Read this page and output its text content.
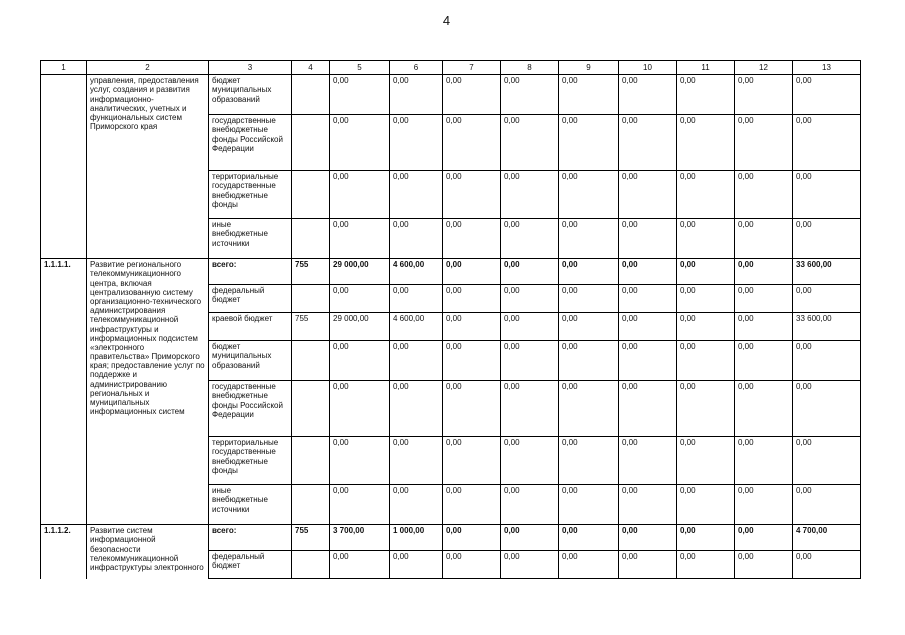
4
1	2	3	4	5	6	7	8	9	10	11	12	13
	управления, предоставления услуг, создания и развития информационно-аналитических, учетных и функциональных систем Приморского края	бюджет муниципальных образований		0,00	0,00	0,00	0,00	0,00	0,00	0,00	0,00	0,00
		государственные внебюджетные фонды Российской Федерации		0,00	0,00	0,00	0,00	0,00	0,00	0,00	0,00	0,00
		территориальные государственные внебюджетные фонды		0,00	0,00	0,00	0,00	0,00	0,00	0,00	0,00	0,00
		иные внебюджетные источники		0,00	0,00	0,00	0,00	0,00	0,00	0,00	0,00	0,00
1.1.1.1.	Развитие регионального телекоммуникационного центра, включая централизованную систему организационно-технического администрирования телекоммуникационной инфраструктуры и информационных подсистем «электронного правительства» Приморского края; предоставление услуг по поддержке и администрированию региональных и муниципальных информационных систем	всего:	755	29 000,00	4 600,00	0,00	0,00	0,00	0,00	0,00	0,00	33 600,00
		федеральный бюджет		0,00	0,00	0,00	0,00	0,00	0,00	0,00	0,00	0,00
		краевой бюджет	755	29 000,00	4 600,00	0,00	0,00	0,00	0,00	0,00	0,00	33 600,00
		бюджет муниципальных образований		0,00	0,00	0,00	0,00	0,00	0,00	0,00	0,00	0,00
		государственные внебюджетные фонды Российской Федерации		0,00	0,00	0,00	0,00	0,00	0,00	0,00	0,00	0,00
		территориальные государственные внебюджетные фонды		0,00	0,00	0,00	0,00	0,00	0,00	0,00	0,00	0,00
		иные внебюджетные источники		0,00	0,00	0,00	0,00	0,00	0,00	0,00	0,00	0,00
1.1.1.2.	Развитие систем информационной безопасности телекоммуникационной инфраструктуры электронного	всего:	755	3 700,00	1 000,00	0,00	0,00	0,00	0,00	0,00	0,00	4 700,00
		федеральный бюджет		0,00	0,00	0,00	0,00	0,00	0,00	0,00	0,00	0,00
